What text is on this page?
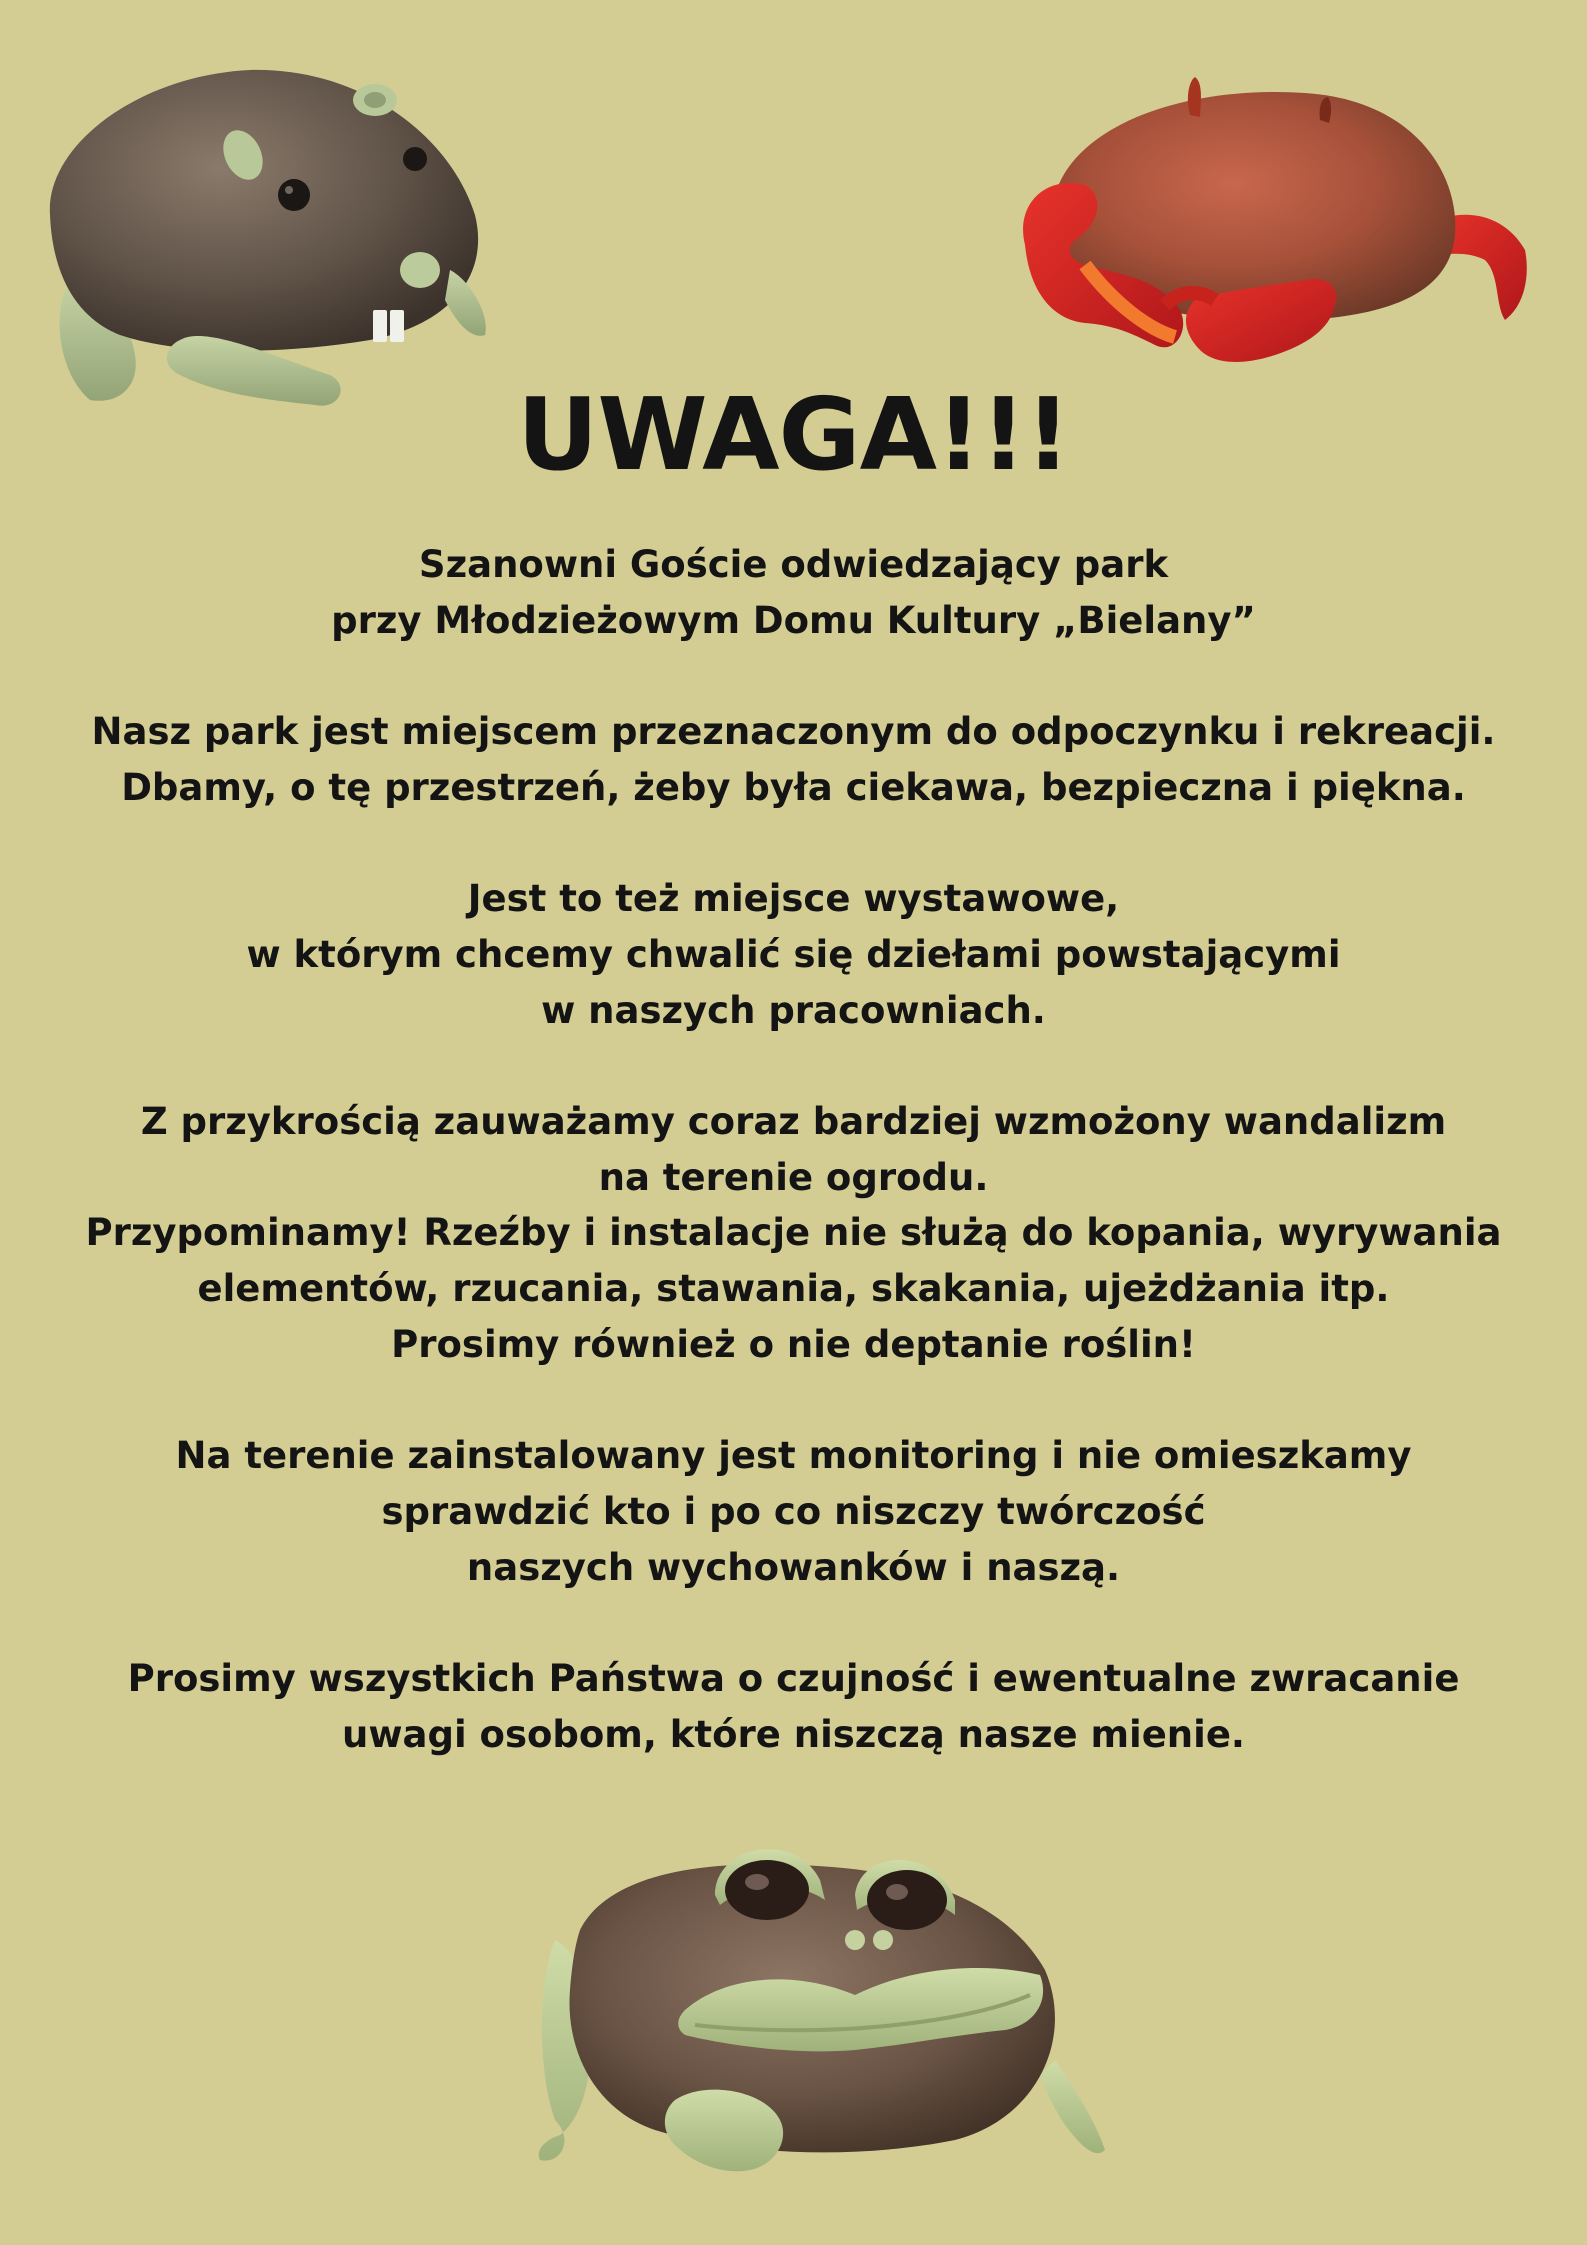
UWAGA!!!

Szanowni Goście odwiedzający park
przy Młodzieżowym Domu Kultury „Bielany”

Nasz park jest miejscem przeznaczonym do odpoczynku i rekreacji.
Dbamy, o tę przestrzeń, żeby była ciekawa, bezpieczna i piękna.

Jest to też miejsce wystawowe,
w którym chcemy chwalić się dziełami powstającymi
w naszych pracowniach.

Z przykrością zauważamy coraz bardziej wzmożony wandalizm
na terenie ogrodu.
Przypominamy! Rzeźby i instalacje nie służą do kopania, wyrywania
elementów, rzucania, stawania, skakania, ujeżdżania itp.
Prosimy również o nie deptanie roślin!

Na terenie zainstalowany jest monitoring i nie omieszkamy
sprawdzić kto i po co niszczy twórczość
naszych wychowanków i naszą.

Prosimy wszystkich Państwa o czujność i ewentualne zwracanie
uwagi osobom, które niszczą nasze mienie.
